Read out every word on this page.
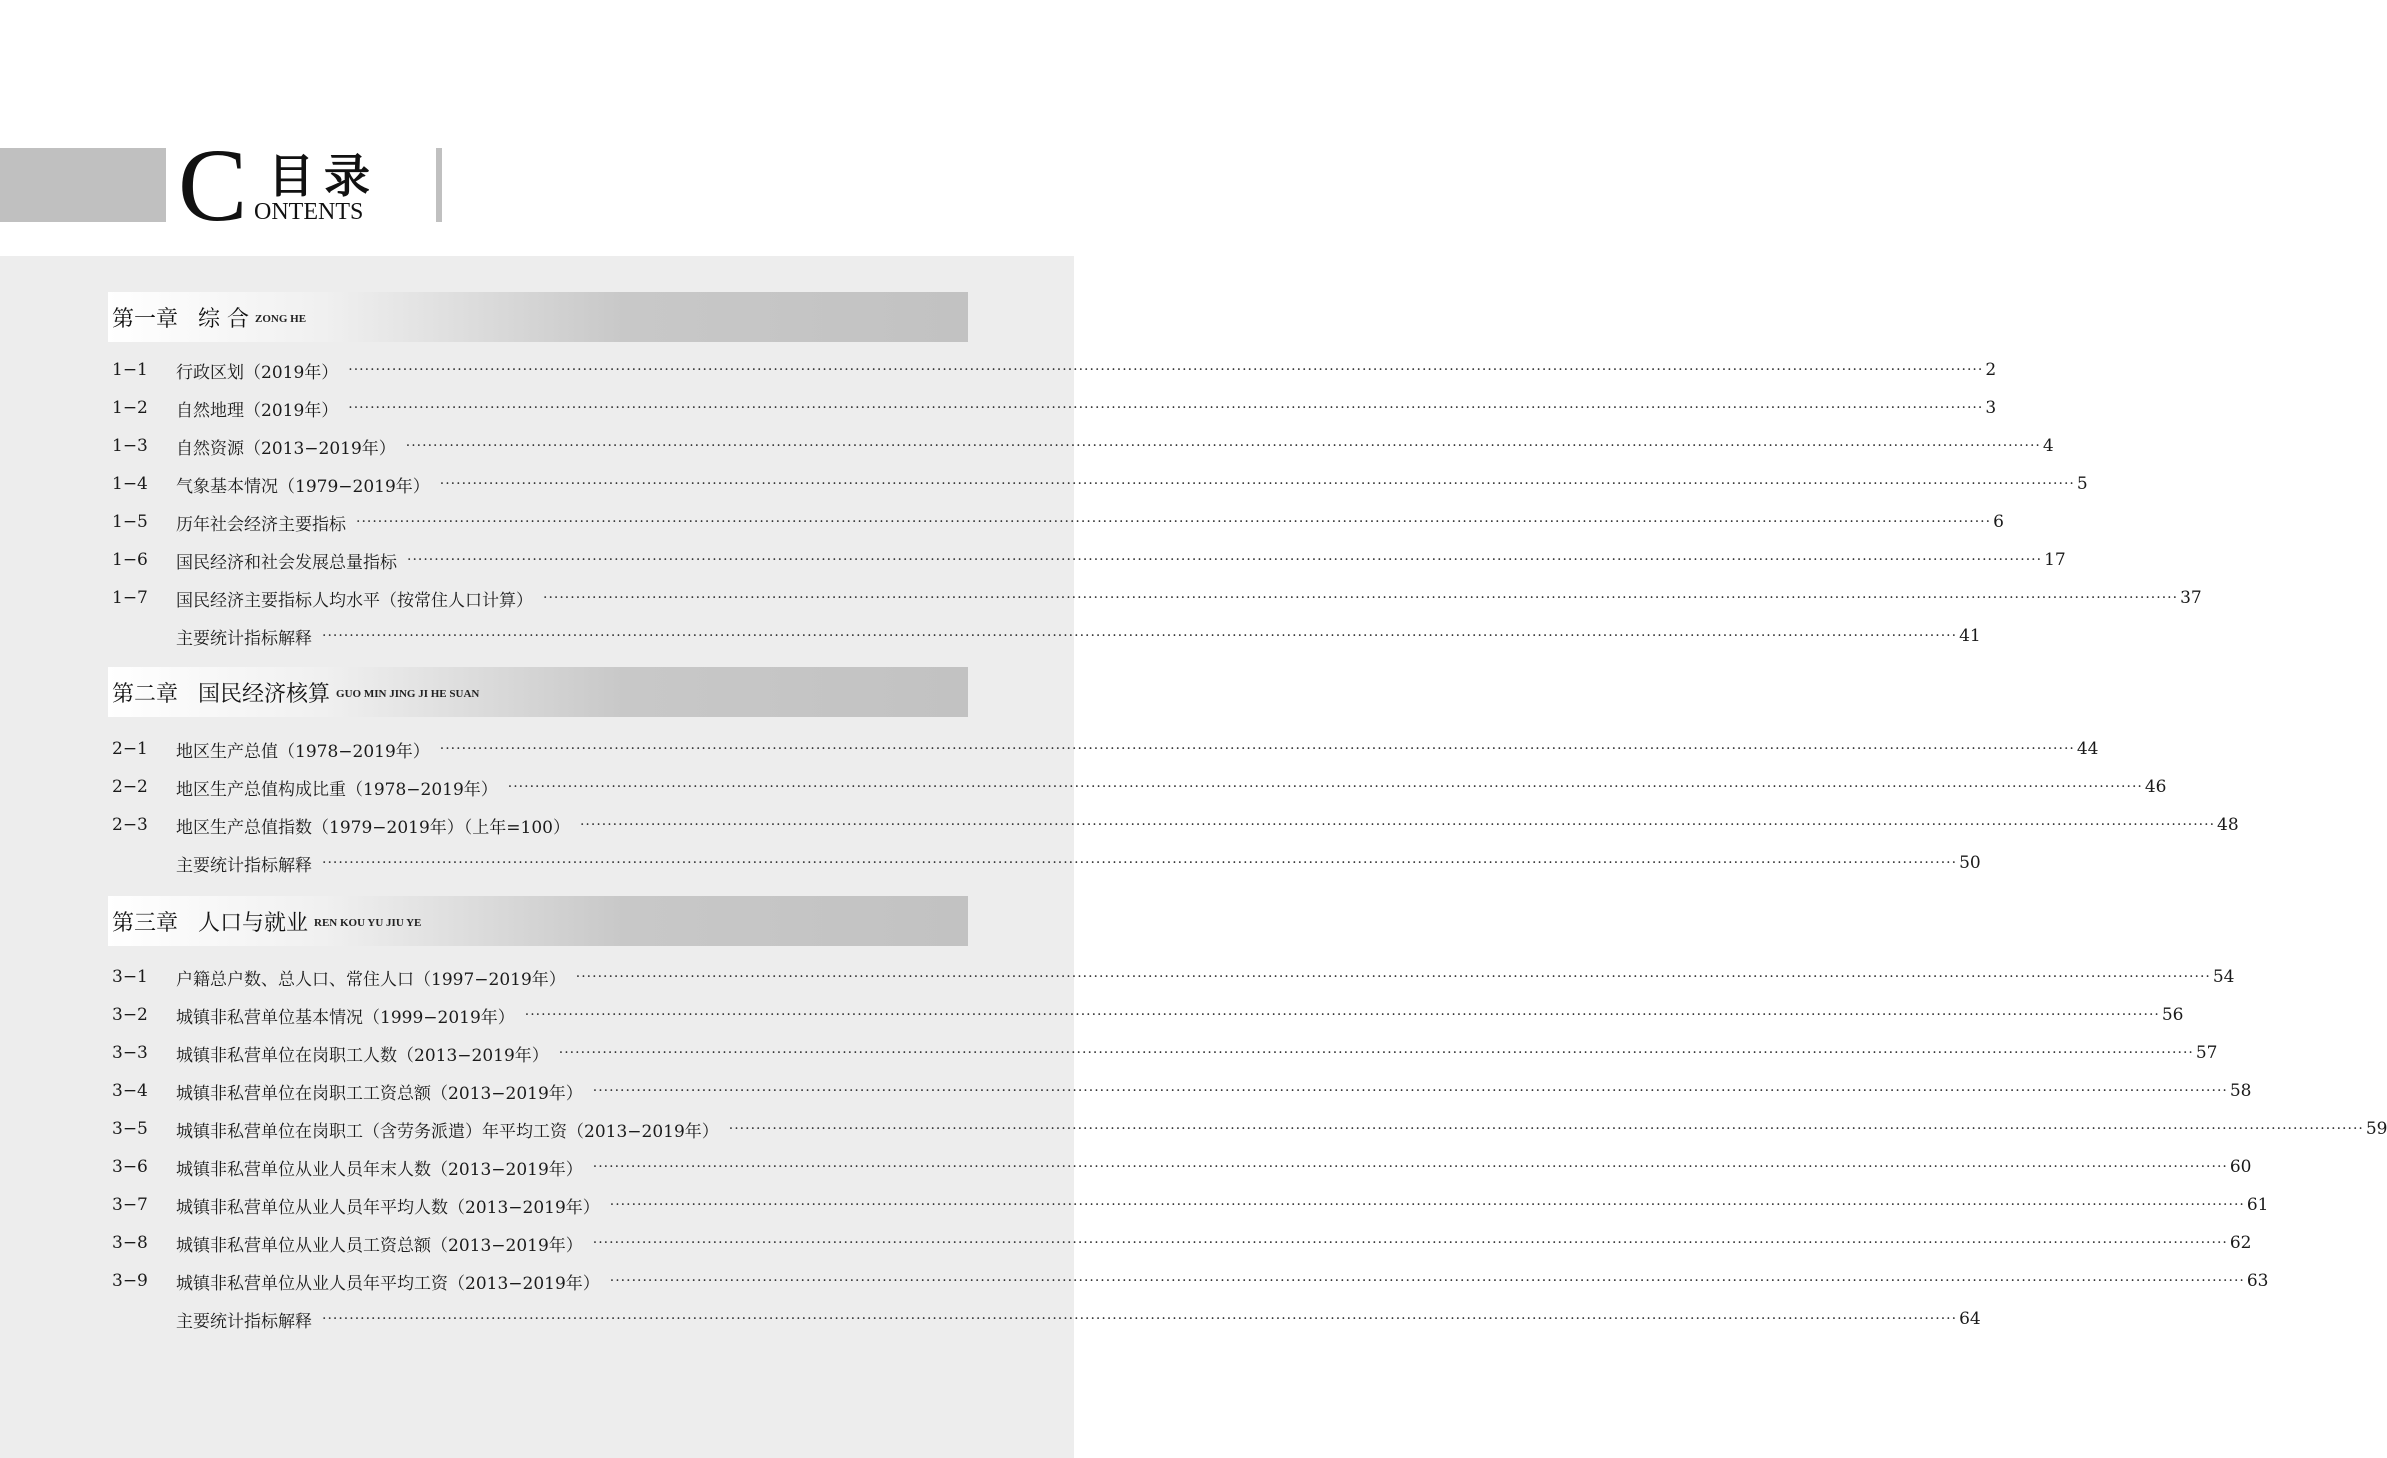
C 目录
ONTENTS
第一章 综 合 ZONG HE
1−1	行政区划（2019年） ············································································································································································································································································································ 2
1−2	自然地理（2019年） ············································································································································································································································································································ 3
1−3	自然资源（2013−2019年） ············································································································································································································································································································ 4
1−4	气象基本情况（1979−2019年） ············································································································································································································································································································ 5
1−5	历年社会经济主要指标 ············································································································································································································································································································ 6
1−6	国民经济和社会发展总量指标 ············································································································································································································································································································ 17
1−7	国民经济主要指标人均水平（按常住人口计算） ············································································································································································································································································································ 37
主要统计指标解释 ············································································································································································································································································································ 41
第二章 国民经济核算 GUO MIN JING JI HE SUAN
2−1	地区生产总值（1978−2019年） ············································································································································································································································································································ 44
2−2	地区生产总值构成比重（1978−2019年） ············································································································································································································································································································ 46
2−3	地区生产总值指数（1979−2019年）（上年=100） ············································································································································································································································································································ 48
主要统计指标解释 ············································································································································································································································································································ 50
第三章 人口与就业 REN KOU YU JIU YE
3−1	户籍总户数、总人口、常住人口（1997−2019年） ············································································································································································································································································································ 54
3−2	城镇非私营单位基本情况（1999−2019年） ············································································································································································································································································································ 56
3−3	城镇非私营单位在岗职工人数（2013−2019年） ············································································································································································································································································································ 57
3−4	城镇非私营单位在岗职工工资总额（2013−2019年） ············································································································································································································································································································ 58
3−5	城镇非私营单位在岗职工（含劳务派遣）年平均工资（2013−2019年） ············································································································································································································································································································ 59
3−6	城镇非私营单位从业人员年末人数（2013−2019年） ············································································································································································································································································································ 60
3−7	城镇非私营单位从业人员年平均人数（2013−2019年） ············································································································································································································································································································ 61
3−8	城镇非私营单位从业人员工资总额（2013−2019年） ············································································································································································································································································································ 62
3−9	城镇非私营单位从业人员年平均工资（2013−2019年） ············································································································································································································································································································ 63
主要统计指标解释 ············································································································································································································································································································ 64
